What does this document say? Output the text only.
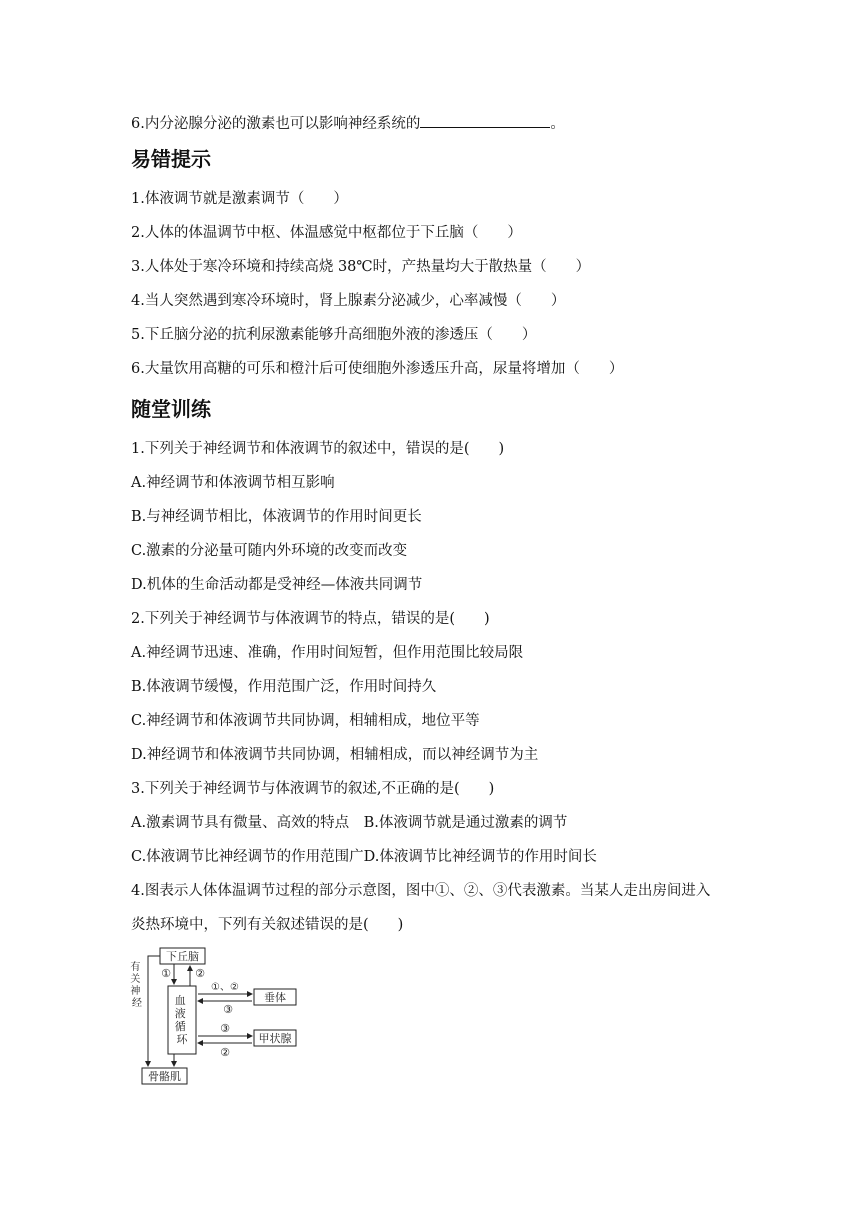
6.内分泌腺分泌的激素也可以影响神经系统的	。
易错提示
1.体液调节就是激素调节（　　）
2.人体的体温调节中枢、体温感觉中枢都位于下丘脑（　　）
3.人体处于寒冷环境和持续高烧 38℃时，产热量均大于散热量（　　）
4.当人突然遇到寒冷环境时，肾上腺素分泌减少，心率减慢（　　）
5.下丘脑分泌的抗利尿激素能够升高细胞外液的渗透压（　　）
6.大量饮用高糖的可乐和橙汁后可使细胞外渗透压升高，尿量将增加（　　）
随堂训练
1.下列关于神经调节和体液调节的叙述中，错误的是(　　)
A.神经调节和体液调节相互影响
B.与神经调节相比，体液调节的作用时间更长
C.激素的分泌量可随内外环境的改变而改变
D.机体的生命活动都是受神经—体液共同调节
2.下列关于神经调节与体液调节的特点，错误的是(　　)
A.神经调节迅速、准确，作用时间短暂，但作用范围比较局限
B.体液调节缓慢，作用范围广泛，作用时间持久
C.神经调节和体液调节共同协调，相辅相成，地位平等
D.神经调节和体液调节共同协调，相辅相成，而以神经调节为主
3.下列关于神经调节与体液调节的叙述,不正确的是(　　)
A.激素调节具有微量、高效的特点　B.体液调节就是通过激素的调节
C.体液调节比神经调节的作用范围广D.体液调节比神经调节的作用时间长
4.图表示人体体温调节过程的部分示意图，图中①、②、③代表激素。当某人走出房间进入
炎热环境中，下列有关叙述错误的是(　　)
下丘脑
血 液 循 环
垂体
甲状腺
骨骼肌
有 关 神 经
① ②
①、②
③
③
②
